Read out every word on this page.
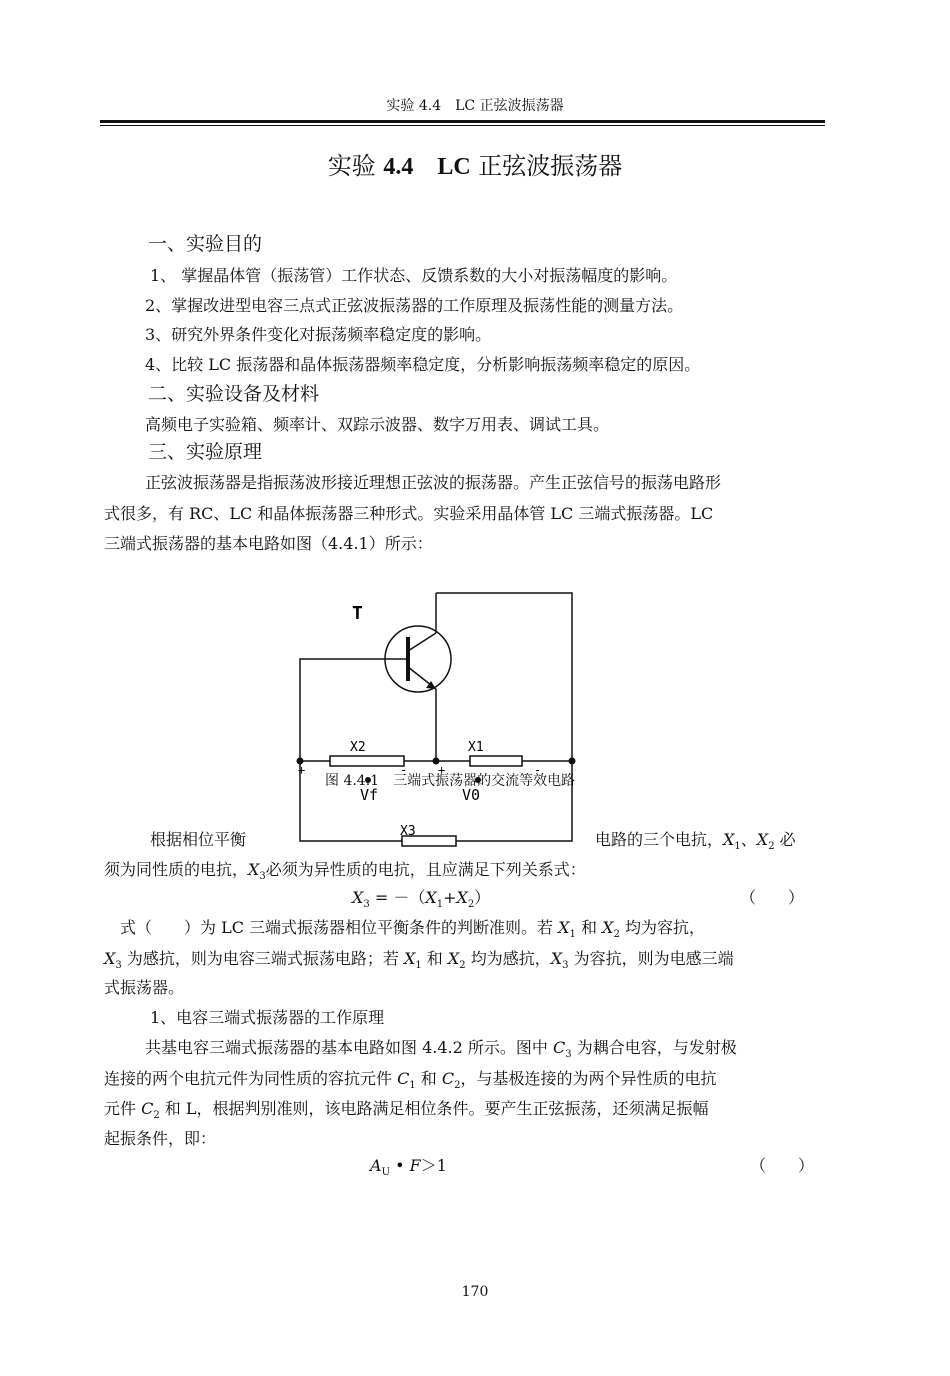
实验 4.4　LC 正弦波振荡器
实验 4.4　 LC 正弦波振荡器
一、实验目的
1、 掌握晶体管（振荡管）工作状态、反馈系数的大小对振荡幅度的影响。
2、掌握改进型电容三点式正弦波振荡器的工作原理及振荡性能的测量方法。
3、研究外界条件变化对振荡频率稳定度的影响。
4、比较 LC 振荡器和晶体振荡器频率稳定度，分析影响振荡频率稳定的原因。
二、实验设备及材料
高频电子实验箱、频率计、双踪示波器、数字万用表、调试工具。
三、实验原理
正弦波振荡器是指振荡波形接近理想正弦波的振荡器。产生正弦信号的振荡电路形
式很多，有 RC、LC 和晶体振荡器三种形式。实验采用晶体管 LC 三端式振荡器。LC
三端式振荡器的基本电路如图（4.4.1）所示：
T
X2	X1
X3
+	+
-	-
Vf	V0
图 4.4.1　三端式振荡器的交流等效电路
根据相位平衡	电路的三个电抗，$X_1$、$X_2$ 必
须为同性质的电抗，$X_3$必须为异性质的电抗，且应满足下列关系式：
$X_3 = -(X_1+X_2)$	（　　）
式（　　）为 LC 三端式振荡器相位平衡条件的判断准则。若 $X_1$ 和 $X_2$ 均为容抗，
$X_3$ 为感抗，则为电容三端式振荡电路；若 $X_1$ 和 $X_2$ 均为感抗，$X_3$ 为容抗，则为电感三端
式振荡器。
1、电容三端式振荡器的工作原理
共基电容三端式振荡器的基本电路如图 4.4.2 所示。图中 $C_3$ 为耦合电容，与发射极
连接的两个电抗元件为同性质的容抗元件 $C_1$ 和 $C_2$，与基极连接的为两个异性质的电抗
元件 $C_2$ 和 L，根据判别准则，该电路满足相位条件。要产生正弦振荡，还须满足振幅
起振条件，即：
$A_U$ • F＞1	（　　）
170
